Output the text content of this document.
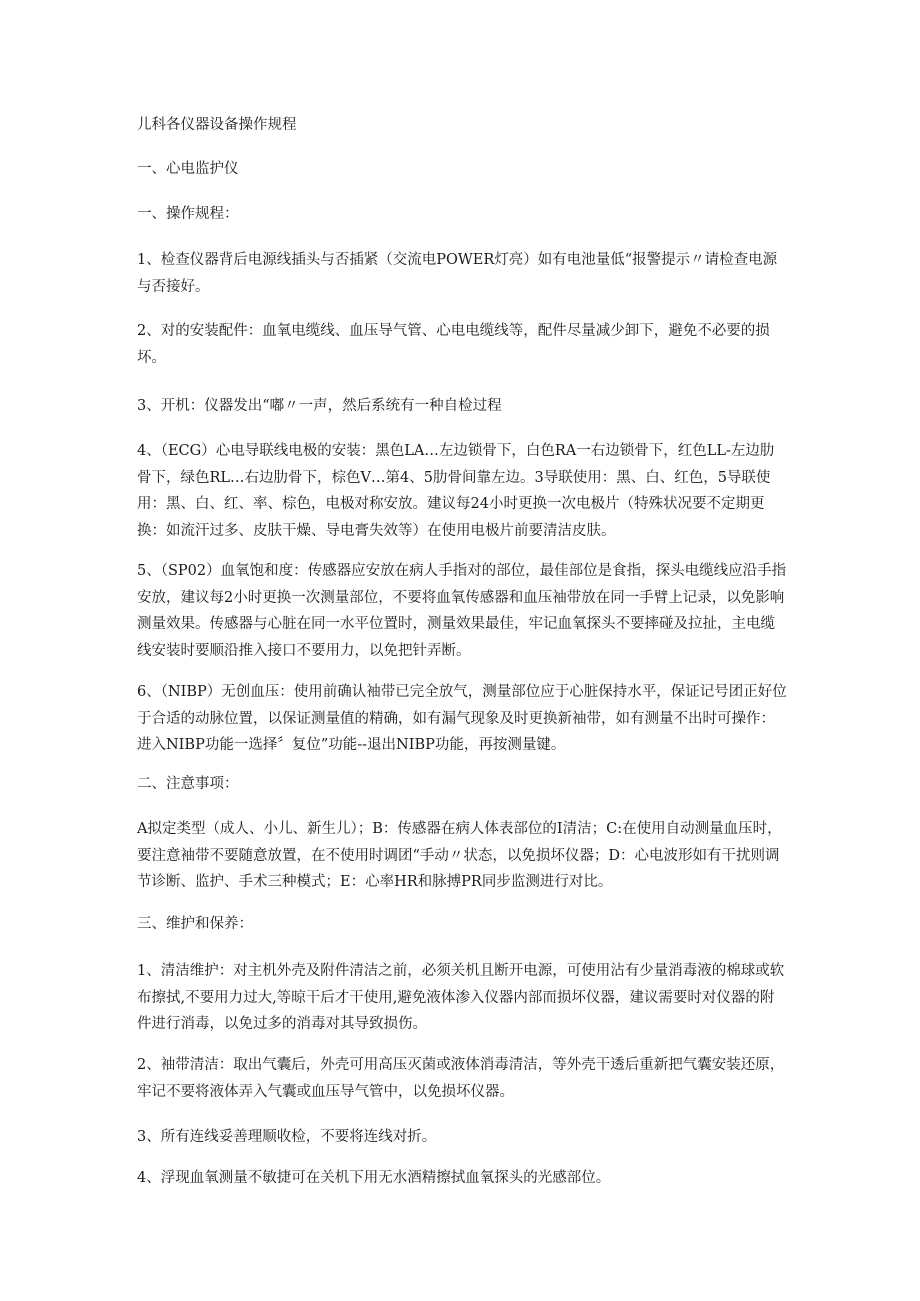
儿科各仪器设备操作规程

一、心电监护仪

一、操作规程：

1、检查仪器背后电源线插头与否插紧（交流电POWER灯亮）如有电池量低“报警提示〃请检查电源与否接好。

2、对的安装配件：血氧电缆线、血压导气管、心电电缆线等，配件尽量减少卸下，避免不必要的损坏。

3、开机：仪器发出“嘟〃一声，然后系统有一种自检过程

4、（ECG）心电导联线电极的安装：黑色LA…左边锁骨下，白色RA一右边锁骨下，红色LL-左边肋骨下，绿色RL…右边肋骨下，棕色V…第4、5肋骨间靠左边。3导联使用：黑、白、红色，5导联使用：黑、白、红、率、棕色，电极对称安放。建议每24小时更换一次电极片（特殊状况要不定期更换：如流汗过多、皮肤干燥、导电膏失效等）在使用电极片前要清洁皮肤。

5、（SP02）血氧饱和度：传感器应安放在病人手指对的部位，最佳部位是食指，探头电缆线应沿手指安放，建议每2小时更换一次测量部位，不要将血氧传感器和血压袖带放在同一手臂上记录，以免影响测量效果。传感器与心脏在同一水平位置时，测量效果最佳，牢记血氧探头不要摔碰及拉扯，主电缆线安装时要顺沿推入接口不要用力，以免把针弄断。

6、（NIBP）无创血压：使用前确认袖带已完全放气，测量部位应于心脏保持水平，保证记号团正好位于合适的动脉位置，以保证测量值的精确，如有漏气现象及时更换新袖带，如有测量不出时可操作：进入NIBP功能一选择〞复位”功能--退出NIBP功能，再按测量键。

二、注意事项：

A拟定类型（成人、小儿、新生儿）；B：传感器在病人体表部位的I清洁；C:在使用自动测量血压时，要注意袖带不要随意放置，在不使用时调团“手动〃状态，以免损坏仪器；D：心电波形如有干扰则调节诊断、监护、手术三种模式；E：心率HR和脉搏PR同步监测进行对比。

三、维护和保养：

1、清洁维护：对主机外壳及附件清洁之前，必须关机且断开电源，可使用沾有少量消毒液的棉球或软布擦拭,不要用力过大,等晾干后才干使用,避免液体渗入仪器内部而损坏仪器，建议需要时对仪器的附件进行消毒，以免过多的消毒对其导致损伤。

2、袖带清洁：取出气囊后，外壳可用高压灭菌或液体消毒清洁，等外壳干透后重新把气囊安装还原，牢记不要将液体弄入气囊或血压导气管中，以免损坏仪器。

3、所有连线妥善理顺收检，不要将连线对折。

4、浮现血氧测量不敏捷可在关机下用无水酒精擦拭血氧探头的光感部位。
